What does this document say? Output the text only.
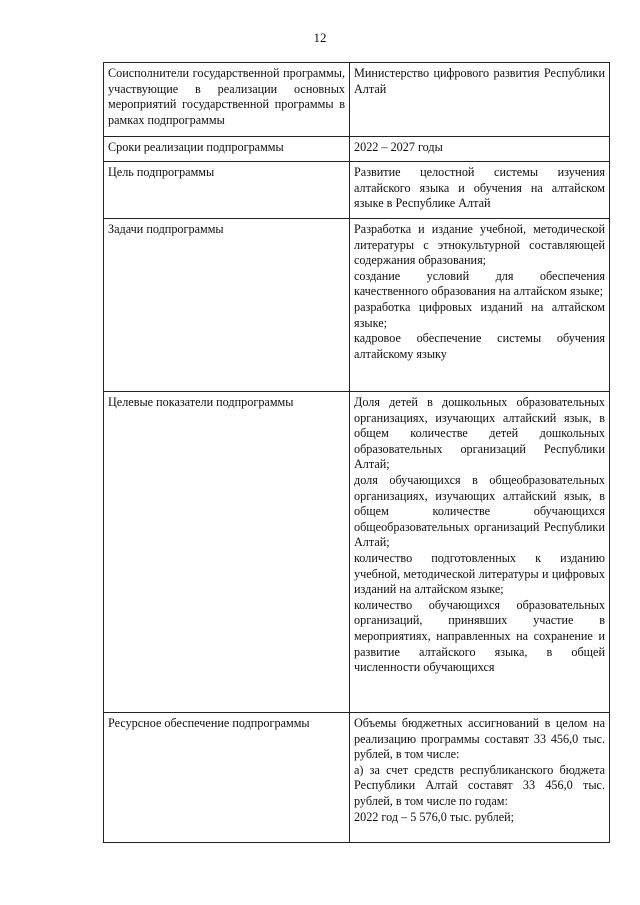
12
Соисполнители государственной программы, участвующие в реализации основных мероприятий государственной программы в рамках подпрограммы	Министерство цифрового развития Республики Алтай

Сроки реализации подпрограммы	2022 – 2027 годы

Цель подпрограммы	Развитие целостной системы изучения алтайского языка и обучения на алтайском языке в Республике Алтай

Задачи подпрограммы	Разработка и издание учебной, методической литературы с этнокультурной составляющей содержания образования;
создание условий для обеспечения качественного образования на алтайском языке;
разработка цифровых изданий на алтайском языке;
кадровое обеспечение системы обучения алтайскому языку

Целевые показатели подпрограммы	Доля детей в дошкольных образовательных организациях, изучающих алтайский язык, в общем количестве детей дошкольных образовательных организаций Республики Алтай;
доля обучающихся в общеобразовательных организациях, изучающих алтайский язык, в общем количестве обучающихся общеобразовательных организаций Республики Алтай;
количество подготовленных к изданию учебной, методической литературы и цифровых изданий на алтайском языке;
количество обучающихся образовательных организаций, принявших участие в мероприятиях, направленных на сохранение и развитие алтайского языка, в общей численности обучающихся

Ресурсное обеспечение подпрограммы	Объемы бюджетных ассигнований в целом на реализацию программы составят 33 456,0 тыс. рублей, в том числе:
а) за счет средств республиканского бюджета Республики Алтай составят 33 456,0 тыс. рублей, в том числе по годам:
2022 год – 5 576,0 тыс. рублей;
